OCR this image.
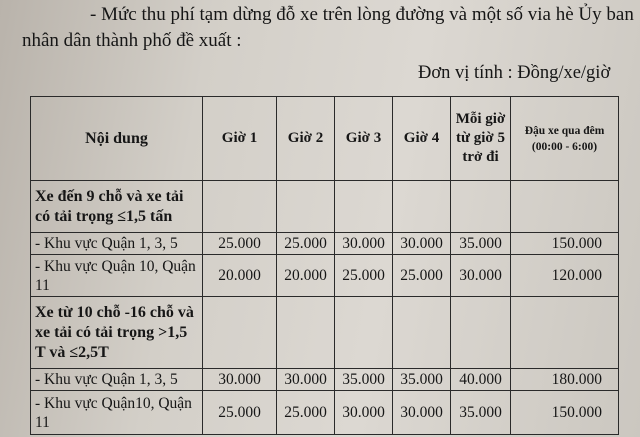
- Mức thu phí tạm dừng đỗ xe trên lòng đường và một số via hè Ủy ban
nhân dân thành phố đề xuất :
Đơn vị tính : Đồng/xe/giờ
Nội dung	Giờ 1	Giờ 2	Giờ 3	Giờ 4	Mỗi giờ từ giờ 5 trở đi	Đậu xe qua đêm
(00:00 - 6:00)

Xe đến 9 chỗ và xe tải có tải trọng ≤1,5 tấn						
- Khu vực Quận 1, 3, 5	25.000	25.000	30.000	30.000	35.000	150.000
- Khu vực Quận 10, Quận 11	20.000	20.000	25.000	25.000	30.000	120.000
Xe từ 10 chỗ -16 chỗ và xe tải có tải trọng >1,5 T và ≤2,5T						
- Khu vực Quận 1, 3, 5	30.000	30.000	35.000	35.000	40.000	180.000
- Khu vực Quận10, Quận 11	25.000	25.000	30.000	30.000	35.000	150.000
